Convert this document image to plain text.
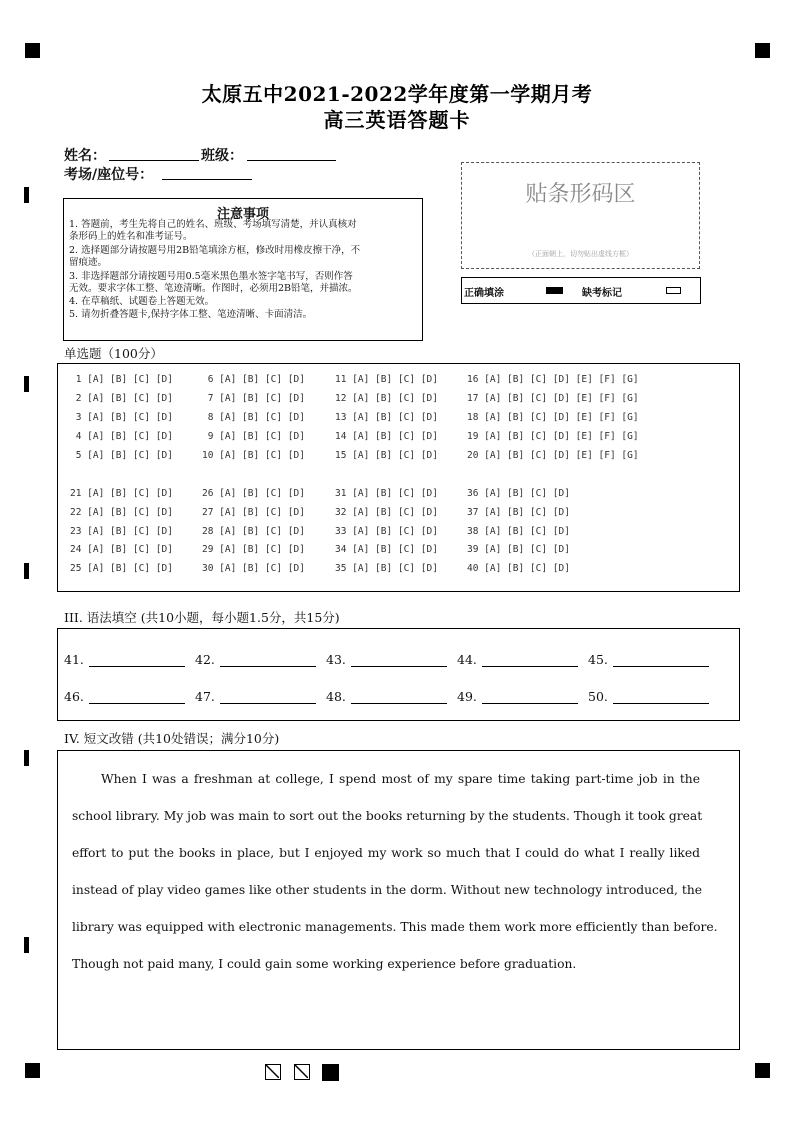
太原五中2021-2022学年度第一学期月考
高三英语答题卡
姓名：	班级：
考场/座位号：
贴条形码区
（正面朝上，切勿贴出虚线方框）
正确填涂	缺考标记
注意事项
1. 答题前，考生先将自己的姓名、班级、考场填写清楚，并认真核对
条形码上的姓名和准考证号。
2. 选择题部分请按题号用2B铅笔填涂方框，修改时用橡皮擦干净，不
留痕迹。
3. 非选择题部分请按题号用0.5毫米黑色墨水签字笔书写，否则作答
无效。要求字体工整、笔迹清晰。作图时，必须用2B铅笔，并描浓。
4. 在草稿纸、试题卷上答题无效。
5. 请勿折叠答题卡,保持字体工整、笔迹清晰、卡面清洁。
单选题（100分）
1 [A] [B] [C] [D]	6 [A] [B] [C] [D]	11 [A] [B] [C] [D]	16 [A] [B] [C] [D] [E] [F] [G]
2 [A] [B] [C] [D]	7 [A] [B] [C] [D]	12 [A] [B] [C] [D]	17 [A] [B] [C] [D] [E] [F] [G]
3 [A] [B] [C] [D]	8 [A] [B] [C] [D]	13 [A] [B] [C] [D]	18 [A] [B] [C] [D] [E] [F] [G]
4 [A] [B] [C] [D]	9 [A] [B] [C] [D]	14 [A] [B] [C] [D]	19 [A] [B] [C] [D] [E] [F] [G]
5 [A] [B] [C] [D]	10 [A] [B] [C] [D]	15 [A] [B] [C] [D]	20 [A] [B] [C] [D] [E] [F] [G]
21 [A] [B] [C] [D]	26 [A] [B] [C] [D]	31 [A] [B] [C] [D]	36 [A] [B] [C] [D]
22 [A] [B] [C] [D]	27 [A] [B] [C] [D]	32 [A] [B] [C] [D]	37 [A] [B] [C] [D]
23 [A] [B] [C] [D]	28 [A] [B] [C] [D]	33 [A] [B] [C] [D]	38 [A] [B] [C] [D]
24 [A] [B] [C] [D]	29 [A] [B] [C] [D]	34 [A] [B] [C] [D]	39 [A] [B] [C] [D]
25 [A] [B] [C] [D]	30 [A] [B] [C] [D]	35 [A] [B] [C] [D]	40 [A] [B] [C] [D]
III. 语法填空 (共10小题，每小题1.5分，共15分)
41.	42.	43.	44.	45.
46.	47.	48.	49.	50.
IV. 短文改错 (共10处错误；满分10分)
When I was a freshman at college, I spend most of my spare time taking part-time job in the
school library. My job was main to sort out the books returning by the students. Though it took great
effort to put the books in place, but I enjoyed my work so much that I could do what I really liked
instead of play video games like other students in the dorm. Without new technology introduced, the
library was equipped with electronic managements. This made them work more efficiently than before.
Though not paid many, I could gain some working experience before graduation.
